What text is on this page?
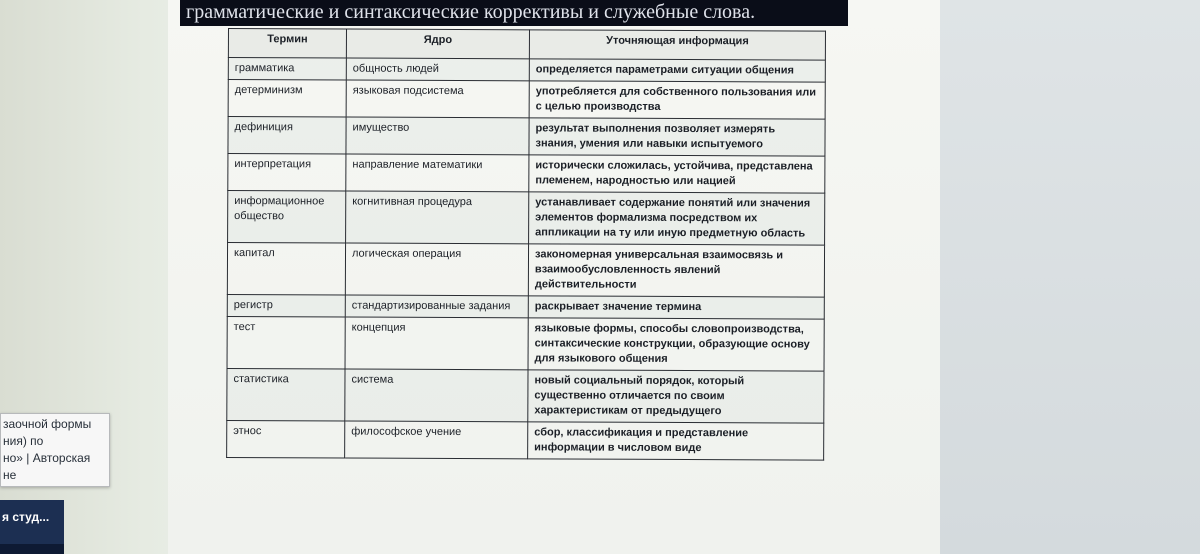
грамматические и синтаксические коррективы и служебные слова.
Термин	Ядро	Уточняющая информация
грамматика	общность людей	определяется параметрами ситуации общения
детерминизм	языковая подсистема	употребляется для собственного пользования или с целью производства
дефиниция	имущество	результат выполнения позволяет измерять знания, умения или навыки испытуемого
интерпретация	направление математики	исторически сложилась, устойчива, представлена племенем, народностью или нацией
информационное общество	когнитивная процедура	устанавливает содержание понятий или значения элементов формализма посредством их аппликации на ту или иную предметную область
капитал	логическая операция	закономерная универсальная взаимосвязь и взаимообусловленность явлений действительности
регистр	стандартизированные задания	раскрывает значение термина
тест	концепция	языковые формы, способы словопроизводства, синтаксические конструкции, образующие основу для языкового общения
статистика	система	новый социальный порядок, который существенно отличается по своим характеристикам от предыдущего
этнос	философское учение	сбор, классификация и представление информации в числовом виде
заочной формы
ния) по
но» | Авторская
не
я студ...
